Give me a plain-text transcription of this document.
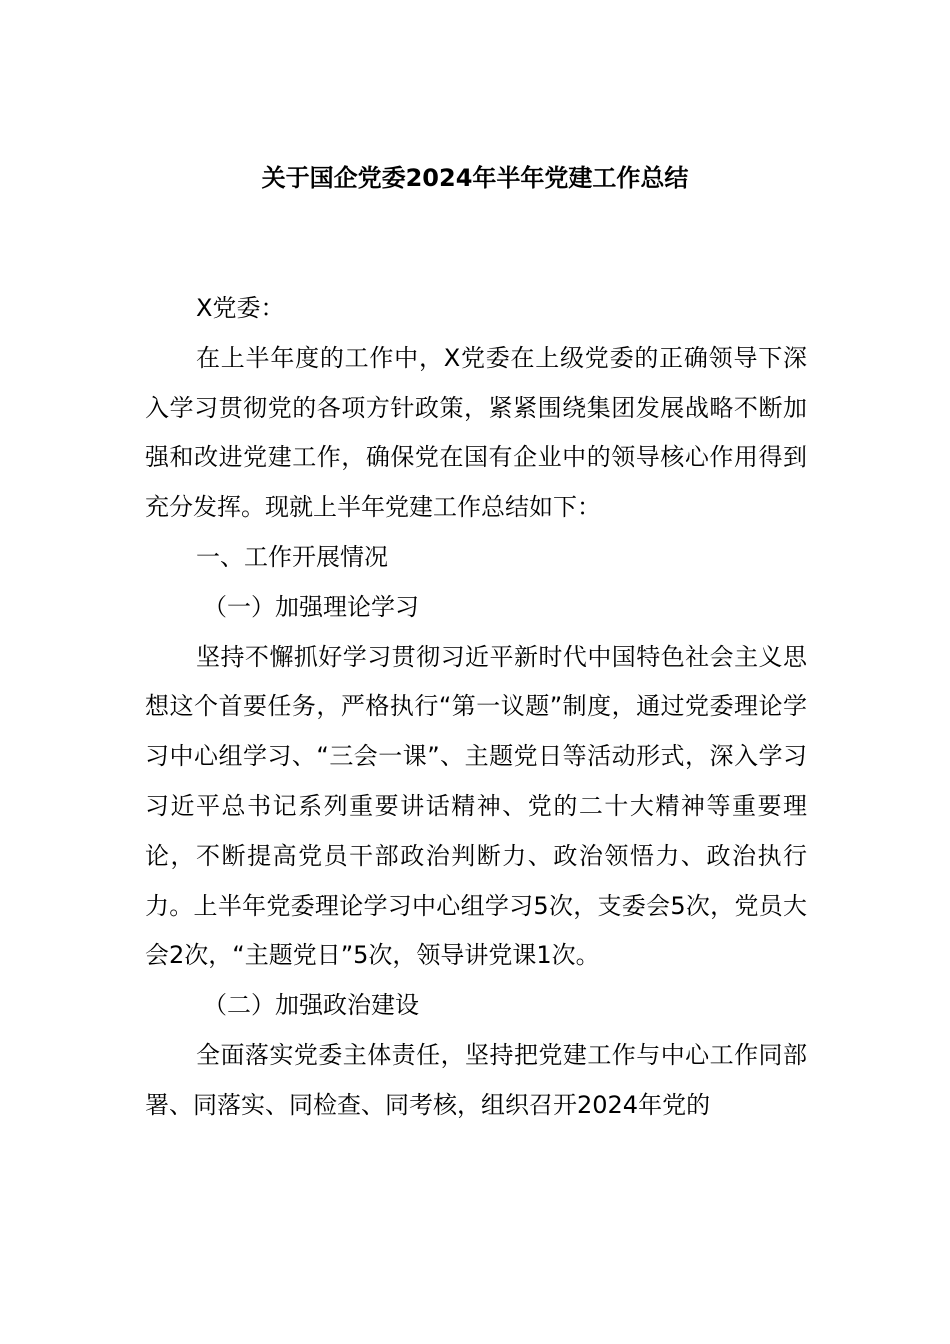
关于国企党委2024年半年党建工作总结

X党委：

在上半年度的工作中，X党委在上级党委的正确领导下深入学习贯彻党的各项方针政策，紧紧围绕集团发展战略不断加强和改进党建工作，确保党在国有企业中的领导核心作用得到充分发挥。现就上半年党建工作总结如下：

一、工作开展情况

（一）加强理论学习

坚持不懈抓好学习贯彻习近平新时代中国特色社会主义思想这个首要任务，严格执行“第一议题”制度，通过党委理论学习中心组学习、“三会一课”、主题党日等活动形式，深入学习习近平总书记系列重要讲话精神、党的二十大精神等重要理论，不断提高党员干部政治判断力、政治领悟力、政治执行力。上半年党委理论学习中心组学习5次，支委会5次，党员大会2次，“主题党日”5次，领导讲党课1次。

（二）加强政治建设

全面落实党委主体责任，坚持把党建工作与中心工作同部署、同落实、同检查、同考核，组织召开2024年党的
